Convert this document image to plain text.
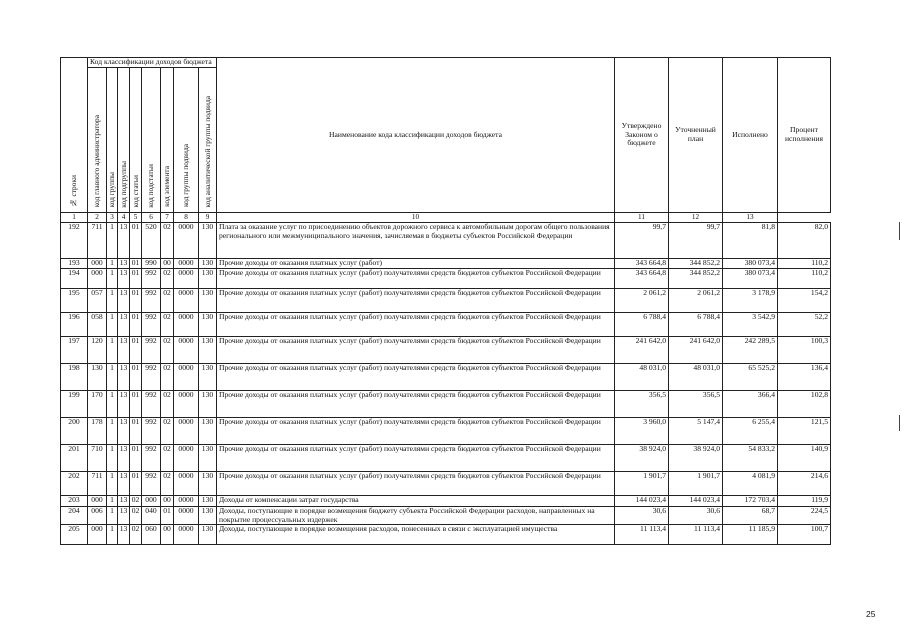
№ строки	Код классификации доходов бюджета								Наименование кода классификации доходов бюджета	Утверждено Законом о бюджете	Уточненный план	Исполнено	Процент исполнения
	код главного администратора	код группы	код подгруппы	код статьи	код подстатьи	код элемента	код группы подвида	код аналитической группы подвида					
1	2	3	4	5	6	7	8	9	10	11	12	13	
192	711	1	13	01	520	02	0000	130	Плата за оказание услуг по присоединению объектов дорожного сервиса к автомобильным дорогам общего пользования регионального или межмуниципального значения, зачисляемая в бюджеты субъектов Российской Федерации	99,7	99,7	81,8	82,0
193	000	1	13	01	990	00	0000	130	Прочие доходы от оказания платных услуг (работ)	343 664,8	344 852,2	380 073,4	110,2
194	000	1	13	01	992	02	0000	130	Прочие доходы от оказания платных услуг (работ) получателями средств бюджетов субъектов Российской Федерации	343 664,8	344 852,2	380 073,4	110,2
195	057	1	13	01	992	02	0000	130	Прочие доходы от оказания платных услуг (работ) получателями средств бюджетов субъектов Российской Федерации	2 061,2	2 061,2	3 178,9	154,2
196	058	1	13	01	992	02	0000	130	Прочие доходы от оказания платных услуг (работ) получателями средств бюджетов субъектов Российской Федерации	6 788,4	6 788,4	3 542,9	52,2
197	120	1	13	01	992	02	0000	130	Прочие доходы от оказания платных услуг (работ) получателями средств бюджетов субъектов Российской Федерации	241 642,0	241 642,0	242 289,5	100,3
198	130	1	13	01	992	02	0000	130	Прочие доходы от оказания платных услуг (работ) получателями средств бюджетов субъектов Российской Федерации	48 031,0	48 031,0	65 525,2	136,4
199	170	1	13	01	992	02	0000	130	Прочие доходы от оказания платных услуг (работ) получателями средств бюджетов субъектов Российской Федерации	356,5	356,5	366,4	102,8
200	178	1	13	01	992	02	0000	130	Прочие доходы от оказания платных услуг (работ) получателями средств бюджетов субъектов Российской Федерации	3 960,0	5 147,4	6 255,4	121,5
201	710	1	13	01	992	02	0000	130	Прочие доходы от оказания платных услуг (работ) получателями средств бюджетов субъектов Российской Федерации	38 924,0	38 924,0	54 833,2	140,9
202	711	1	13	01	992	02	0000	130	Прочие доходы от оказания платных услуг (работ) получателями средств бюджетов субъектов Российской Федерации	1 901,7	1 901,7	4 081,9	214,6
203	000	1	13	02	000	00	0000	130	Доходы от компенсации затрат государства	144 023,4	144 023,4	172 703,4	119,9
204	006	1	13	02	040	01	0000	130	Доходы, поступающие в порядке возмещения бюджету субъекта Российской Федерации расходов, направленных на покрытие процессуальных издержек	30,6	30,6	68,7	224,5
205	000	1	13	02	060	00	0000	130	Доходы, поступающие в порядке возмещения расходов, понесенных в связи с эксплуатацией имущества	11 113,4	11 113,4	11 185,9	100,7
25
